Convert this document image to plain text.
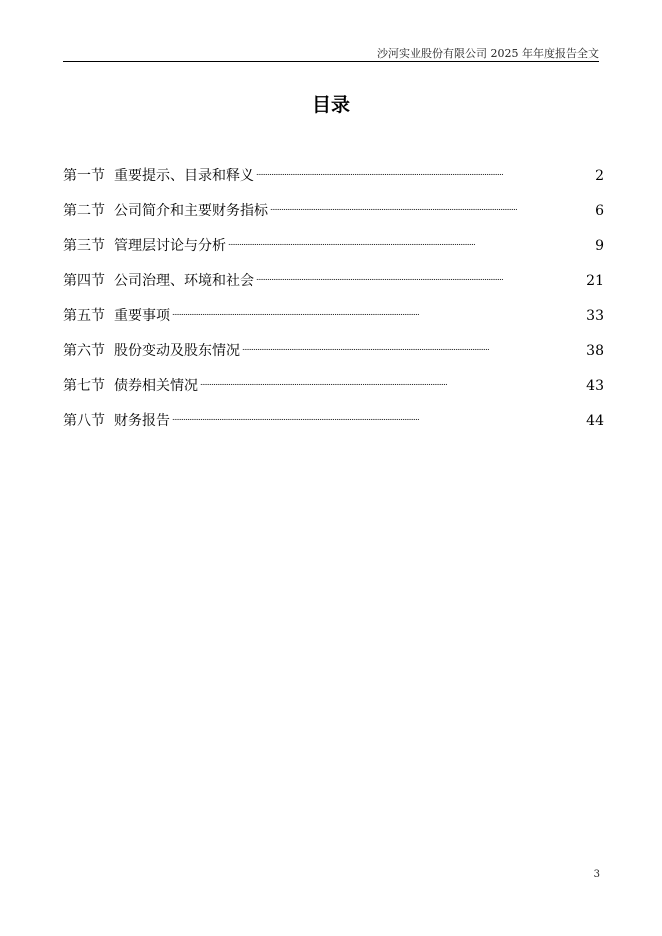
沙河实业股份有限公司 2025 年年度报告全文
目录
第一节 重要提示、目录和释义 . . .	2
第二节 公司简介和主要财务指标 . . .	6
第三节 管理层讨论与分析 . . .	9
第四节 公司治理、环境和社会 . . .	21
第五节 重要事项 . . .	33
第六节 股份变动及股东情况 . . .	38
第七节 债券相关情况 . . .	43
第八节 财务报告 . . .	44
3
